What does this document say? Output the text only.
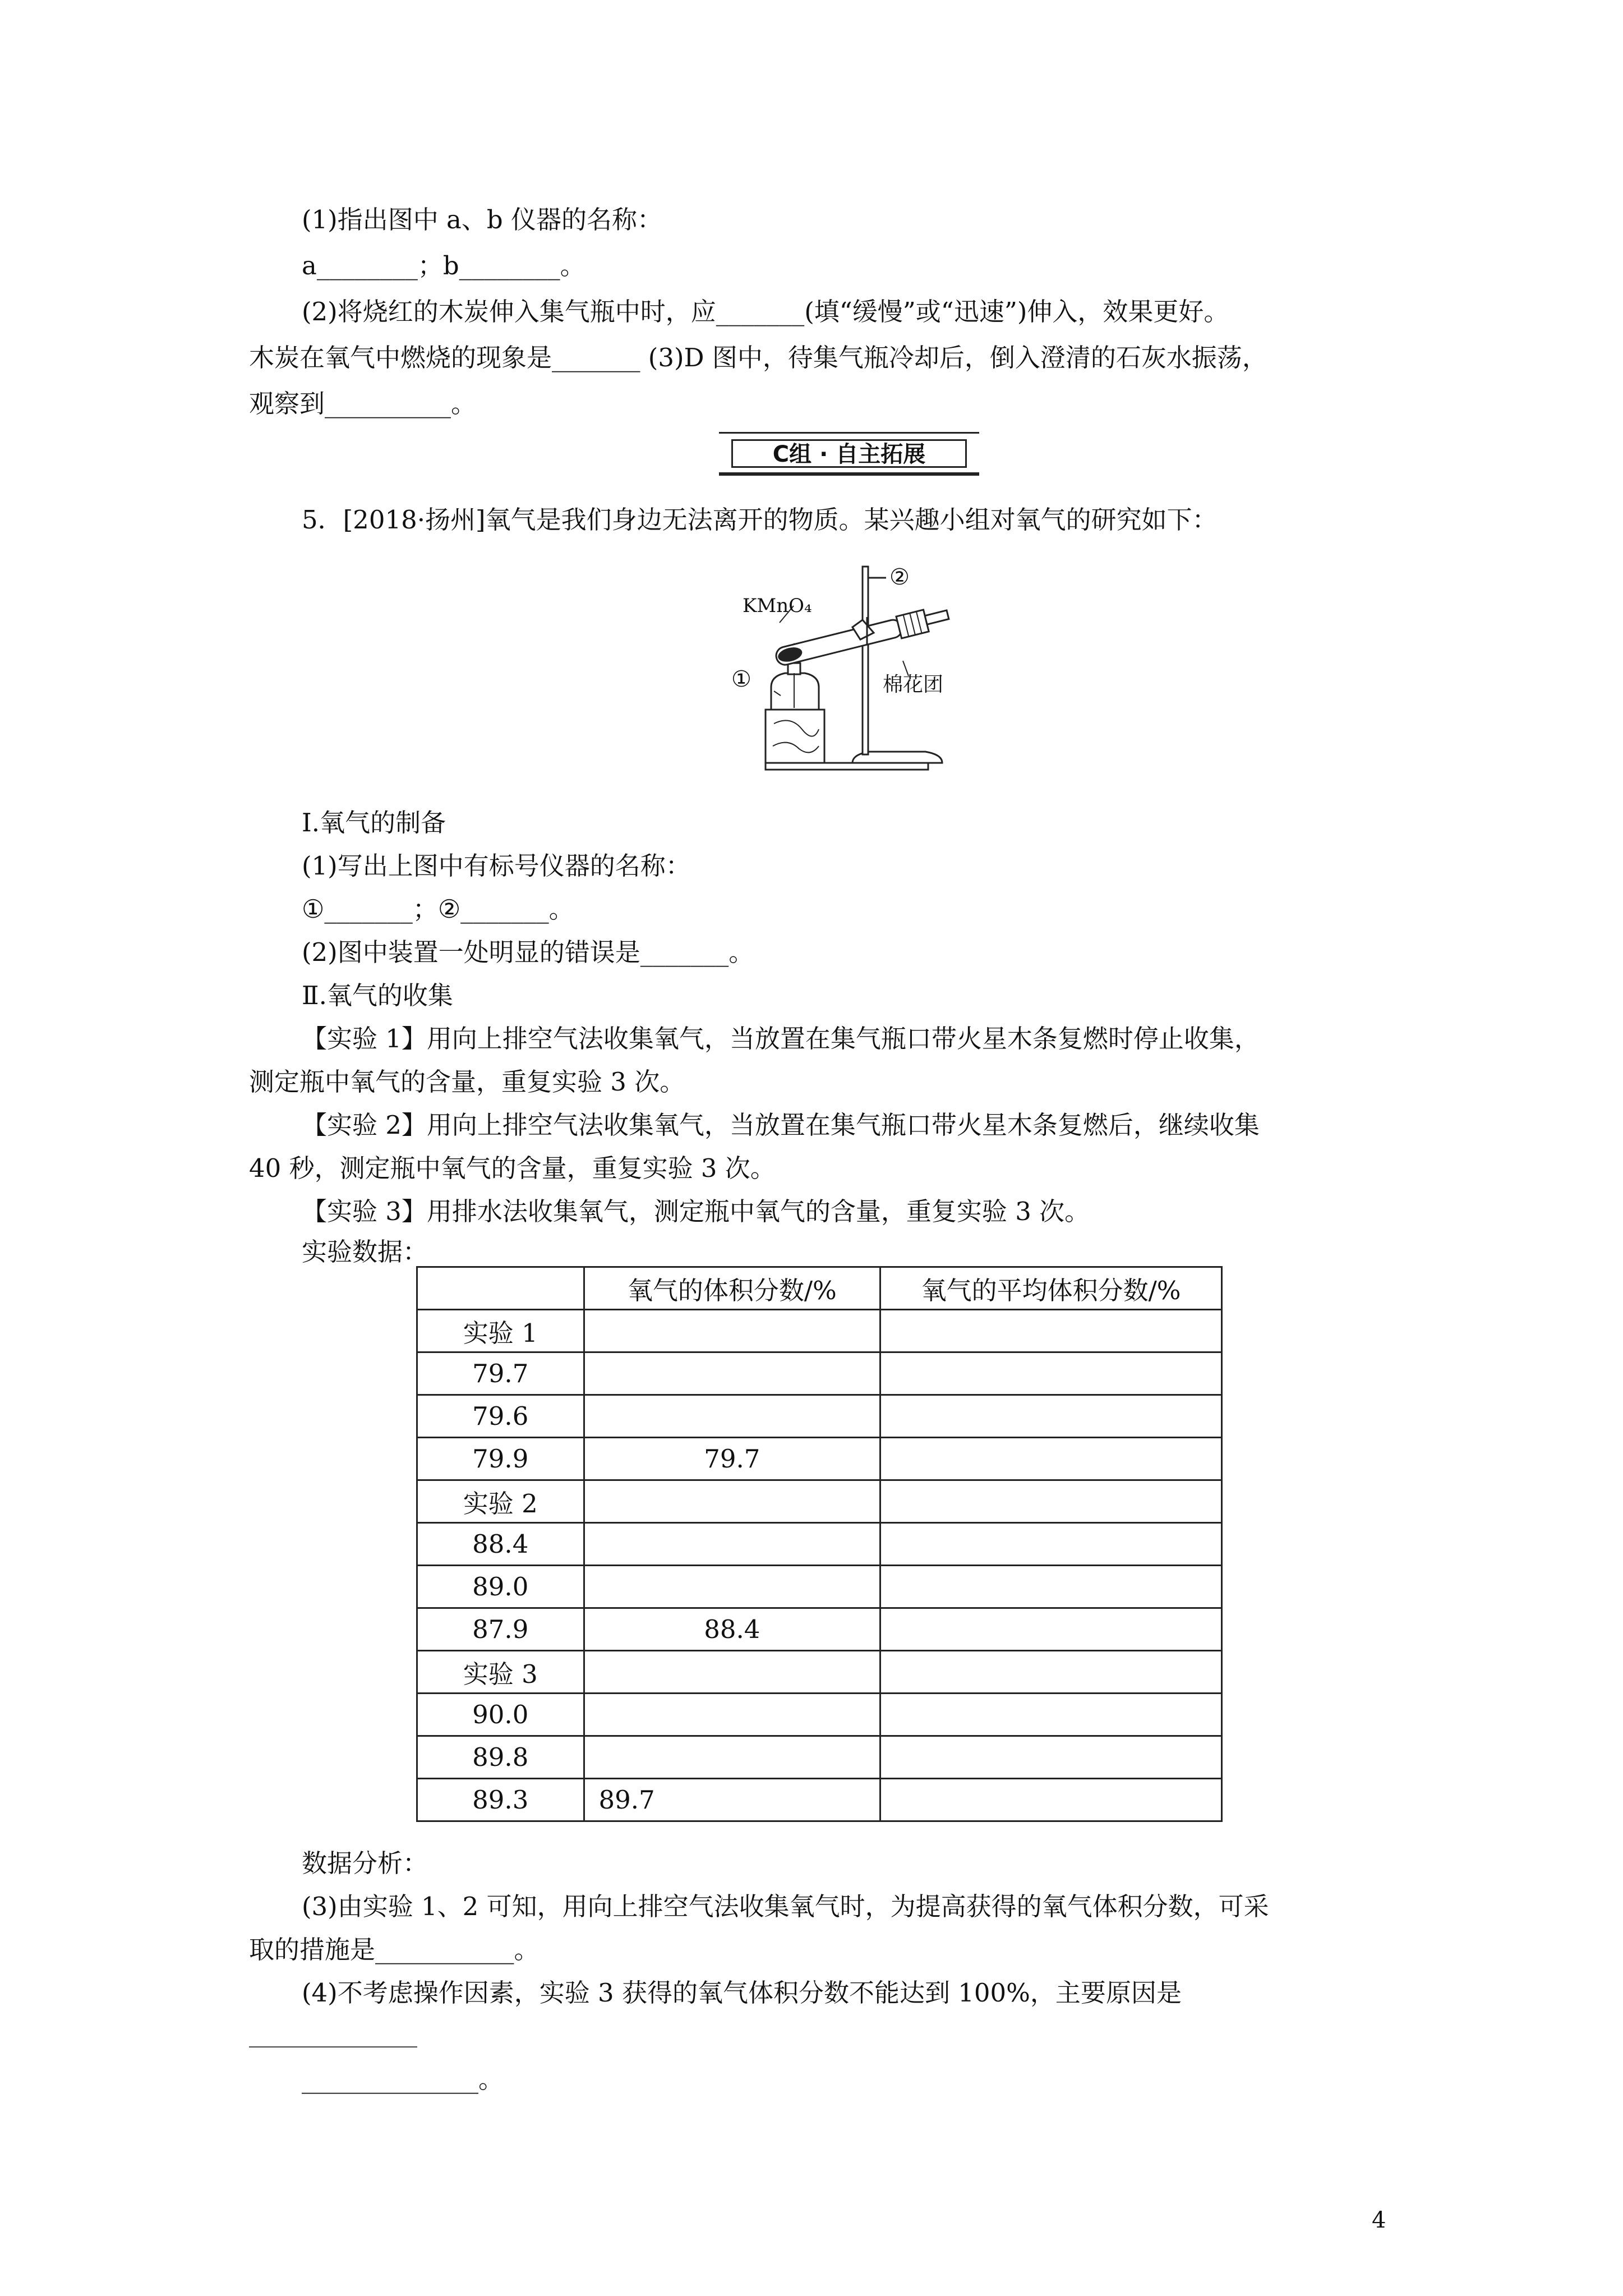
(1)指出图中 a、b 仪器的名称：
a________；b________。
(2)将烧红的木炭伸入集气瓶中时，应_______(填“缓慢”或“迅速”)伸入，效果更好。
木炭在氧气中燃烧的现象是_______ (3)D 图中，待集气瓶冷却后，倒入澄清的石灰水振荡，
观察到__________。
C组 · 自主拓展
5．[2018·扬州]氧气是我们身边无法离开的物质。某兴趣小组对氧气的研究如下：
KMnO₄
①
②
棉花团
Ⅰ.氧气的制备
(1)写出上图中有标号仪器的名称：
①_______；②_______。
(2)图中装置一处明显的错误是_______。
Ⅱ.氧气的收集
【实验 1】用向上排空气法收集氧气，当放置在集气瓶口带火星木条复燃时停止收集，
测定瓶中氧气的含量，重复实验 3 次。
【实验 2】用向上排空气法收集氧气，当放置在集气瓶口带火星木条复燃后，继续收集
40 秒，测定瓶中氧气的含量，重复实验 3 次。
【实验 3】用排水法收集氧气，测定瓶中氧气的含量，重复实验 3 次。
实验数据：
	氧气的体积分数/%	氧气的平均体积分数/%
实验 1		
79.7		
79.6		
79.9	79.7	
实验 2		
88.4		
89.0		
87.9	88.4	
实验 3		
90.0		
89.8		
89.3	89.7	
数据分析：
(3)由实验 1、2 可知，用向上排空气法收集氧气时，为提高获得的氧气体积分数，可采
取的措施是___________。
(4)不考虑操作因素，实验 3 获得的氧气体积分数不能达到 100%，主要原因是
______________。
4
